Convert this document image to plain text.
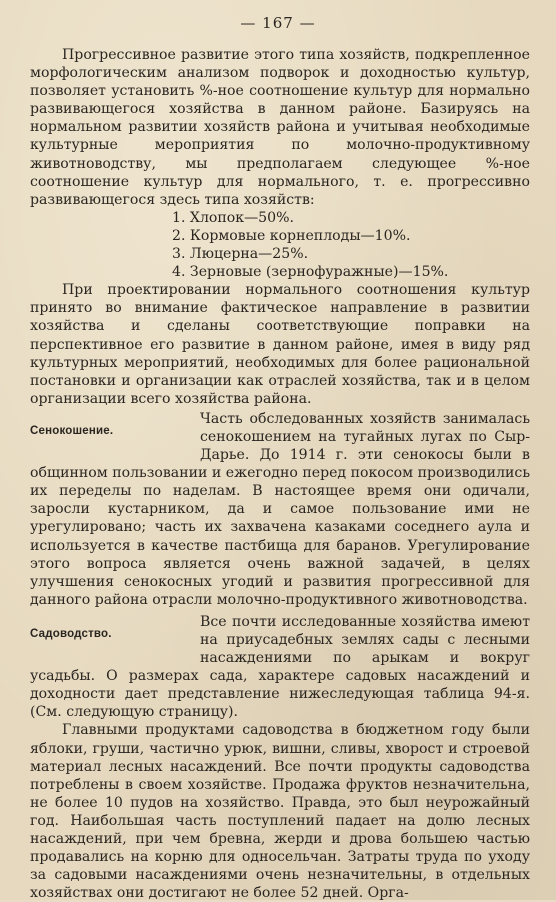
— 167 —

Прогрессивное развитие этого типа хозяйств, подкрепленное морфологическим анализом подворок и доходностью культур, позволяет установить %-ное соотношение культур для нормально развивающегося хозяйства в данном районе. Базируясь на нормальном развитии хозяйств района и учитывая необходимые культурные мероприятия по молочно-продуктивному животноводству, мы предполагаем следующее %-ное соотношение культур для нормального, т. е. прогрессивно развивающегося здесь типа хозяйств:

1. Хлопок—50%.
2. Кормовые корнеплоды—10%.
3. Люцерна—25%.
4. Зерновые (зернофуражные)—15%.

При проектировании нормального соотношения культур принято во внимание фактическое направление в развитии хозяйства и сделаны соответствующие поправки на перспективное его развитие в данном районе, имея в виду ряд культурных мероприятий, необходимых для более рациональной постановки и организации как отраслей хозяйства, так и в целом организации всего хозяйства района.

Сенокошение.

Часть обследованных хозяйств занималась сенокошением на тугайных лугах по Сыр-Дарье. До 1914 г. эти сенокосы были в общинном пользовании и ежегодно перед покосом производились их переделы по наделам. В настоящее время они одичали, заросли кустарником, да и самое пользование ими не урегулировано; часть их захвачена казаками соседнего аула и используется в качестве пастбища для баранов. Урегулирование этого вопроса является очень важной задачей, в целях улучшения сенокосных угодий и развития прогрессивной для данного района отрасли молочно-продуктивного животноводства.

Садоводство.

Все почти исследованные хозяйства имеют на приусадебных землях сады с лесными насаждениями по арыкам и вокруг усадьбы. О размерах сада, характере садовых насаждений и доходности дает представление нижеследующая таблица 94-я. (См. следующую страницу).

Главными продуктами садоводства в бюджетном году были яблоки, груши, частично урюк, вишни, сливы, хворост и строевой материал лесных насаждений. Все почти продукты садоводства потреблены в своем хозяйстве. Продажа фруктов незначительна, не более 10 пудов на хозяйство. Правда, это был неурожайный год. Наибольшая часть поступлений падает на долю лесных насаждений, при чем бревна, жерди и дрова большею частью продавались на корню для односельчан. Затраты труда по уходу за садовыми насаждениями очень незначительны, в отдельных хозяйствах они достигают не более 52 дней. Орга-
